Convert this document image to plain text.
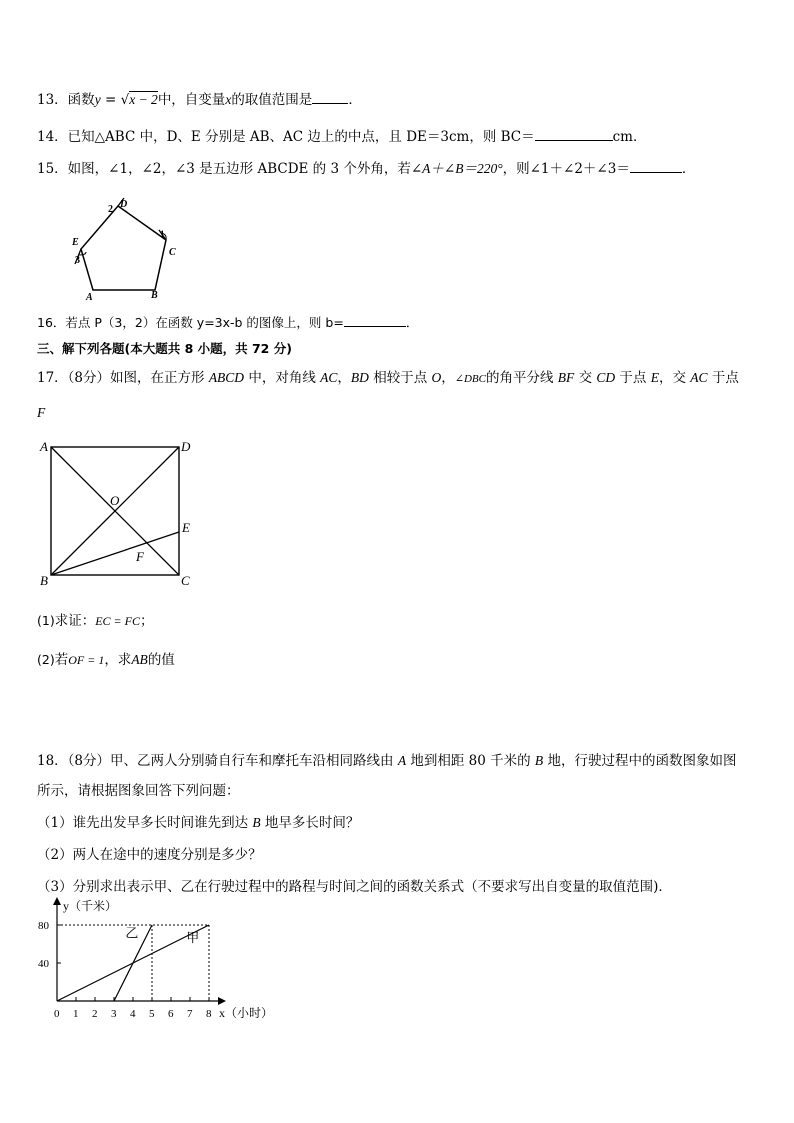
13．函数y = √x − 2中，自变量x的取值范围是	．
14．已知△ABC 中，D、E 分别是 AB、AC 边上的中点，且 DE＝3cm，则 BC＝	cm．
15．如图，∠1，∠2，∠3 是五边形 ABCDE 的 3 个外角，若∠A＋∠B＝220°，则∠1＋∠2＋∠3＝	．
D
2
1
C
E
3
A	B
16．若点 P（3，2）在函数 y=3x-b 的图像上，则 b=	．
三、解下列各题(本大题共 8 小题，共 72 分)
17．（8分）如图，在正方形 ABCD 中，对角线 AC，BD 相较于点 O，∠DBC的角平分线 BF 交 CD 于点 E，交 AC 于点
F
A	D
O
E
F
B	C
(1)求证：EC = FC；
(2)若OF = 1，求AB的值
18．（8分）甲、乙两人分别骑自行车和摩托车沿相同路线由 A 地到相距 80 千米的 B 地，行驶过程中的函数图象如图
所示，请根据图象回答下列问题：
（1）谁先出发早多长时间谁先到达 B 地早多长时间？
（2）两人在途中的速度分别是多少？
（3）分别求出表示甲、乙在行驶过程中的路程与时间之间的函数关系式（不要求写出自变量的取值范围)．
y（千米）
x（小时）
0 1 2 3 4 5 6 7 8
40
80
甲
乙
